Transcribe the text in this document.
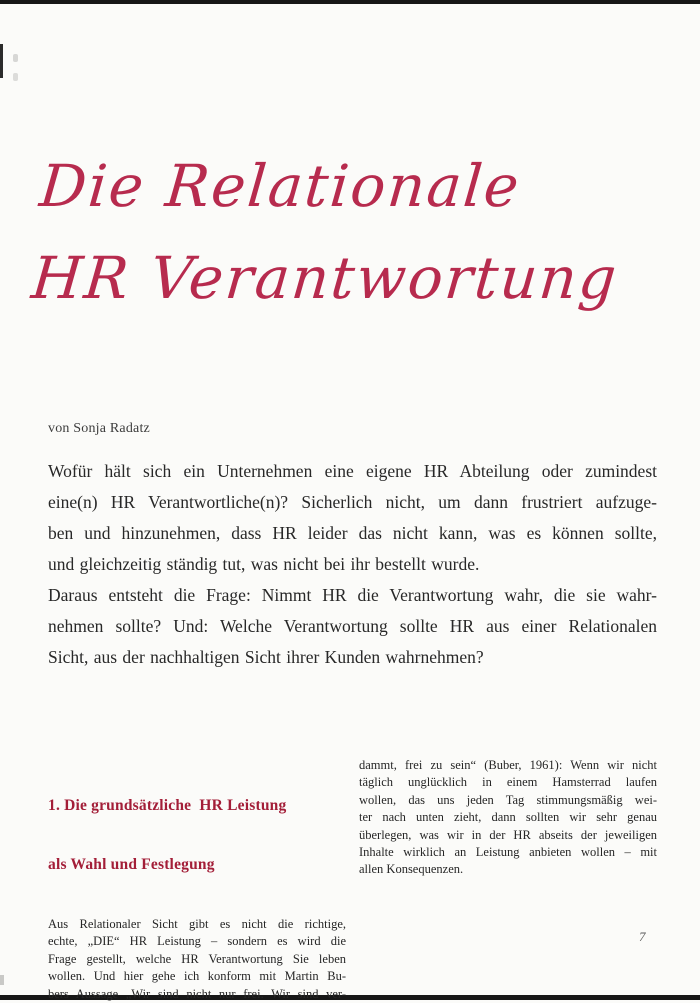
Die Relationale
HR Verantwortung
von Sonja Radatz
Wofür hält sich ein Unternehmen eine eigene HR Abteilung oder zumindest
eine(n) HR Verantwortliche(n)? Sicherlich nicht, um dann frustriert aufzuge-
ben und hinzunehmen, dass HR leider das nicht kann, was es können sollte,
und gleichzeitig ständig tut, was nicht bei ihr bestellt wurde.
Daraus entsteht die Frage: Nimmt HR die Verantwortung wahr, die sie wahr-
nehmen sollte? Und: Welche Verantwortung sollte HR aus einer Relationalen
Sicht, aus der nachhaltigen Sicht ihrer Kunden wahrnehmen?

1. Die grundsätzliche  HR Leistung

als Wahl und Festlegung

Aus Relationaler Sicht gibt es nicht die richtige,
echte, „DIE“ HR Leistung – sondern es wird die
Frage gestellt, welche HR Verantwortung Sie leben
wollen. Und hier gehe ich konform mit Martin Bu-
bers Aussage „Wir sind nicht nur frei. Wir sind ver-
dammt, frei zu sein“ (Buber, 1961): Wenn wir nicht
täglich unglücklich in einem Hamsterrad laufen
wollen, das uns jeden Tag stimmungsmäßig wei-
ter nach unten zieht, dann sollten wir sehr genau
überlegen, was wir in der HR abseits der jeweiligen
Inhalte wirklich an Leistung anbieten wollen – mit
allen Konsequenzen.
7
